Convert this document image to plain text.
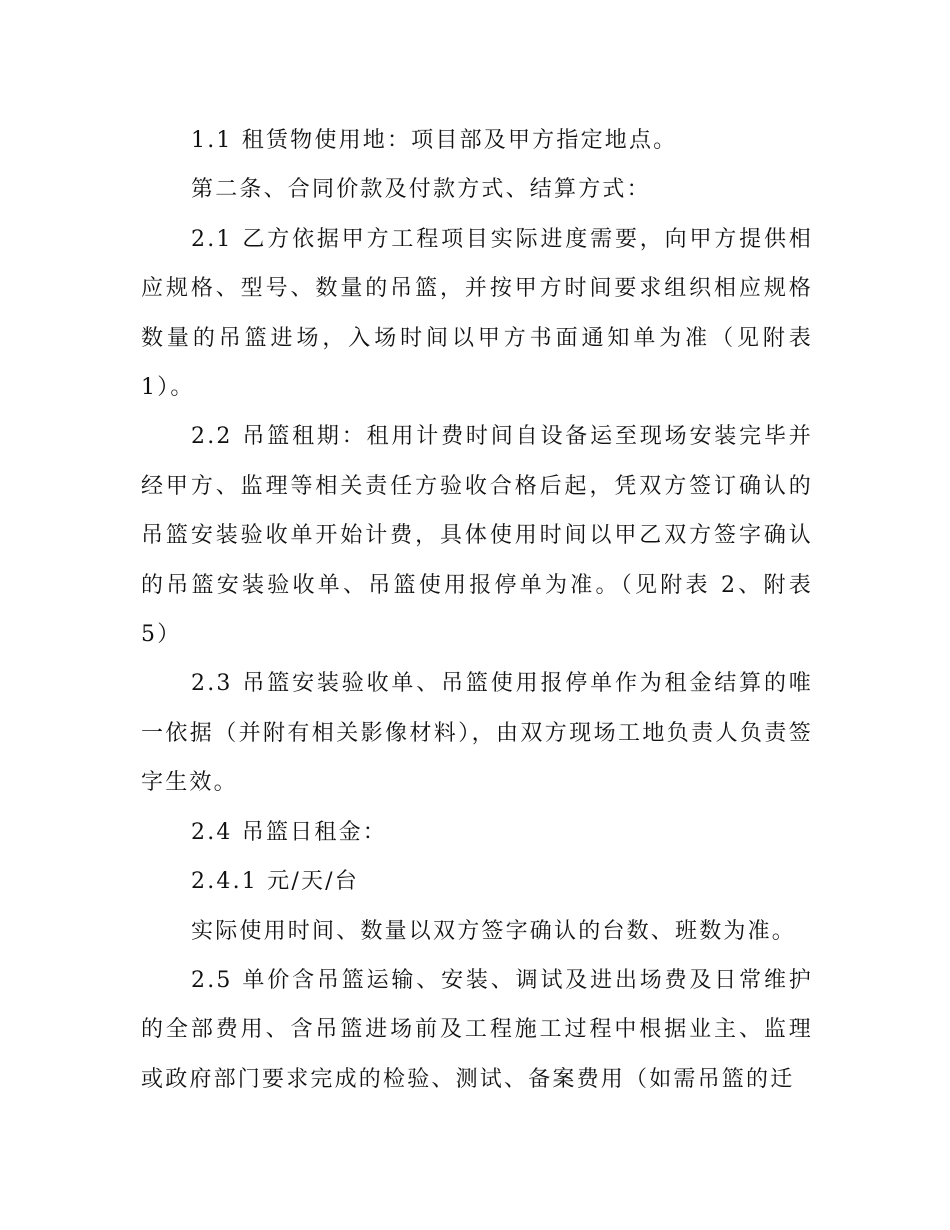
1.1 租赁物使用地：项目部及甲方指定地点。

第二条、合同价款及付款方式、结算方式：

2.1 乙方依据甲方工程项目实际进度需要，向甲方提供相应规格、型号、数量的吊篮，并按甲方时间要求组织相应规格数量的吊篮进场，入场时间以甲方书面通知单为准（见附表1）。

2.2 吊篮租期：租用计费时间自设备运至现场安装完毕并经甲方、监理等相关责任方验收合格后起，凭双方签订确认的吊篮安装验收单开始计费，具体使用时间以甲乙双方签字确认的吊篮安装验收单、吊篮使用报停单为准。（见附表 2、附表5）

2.3 吊篮安装验收单、吊篮使用报停单作为租金结算的唯一依据（并附有相关影像材料），由双方现场工地负责人负责签字生效。

2.4 吊篮日租金：

2.4.1 元/天/台

实际使用时间、数量以双方签字确认的台数、班数为准。

2.5 单价含吊篮运输、安装、调试及进出场费及日常维护的全部费用、含吊篮进场前及工程施工过程中根据业主、监理或政府部门要求完成的检验、测试、备案费用（如需吊篮的迁
